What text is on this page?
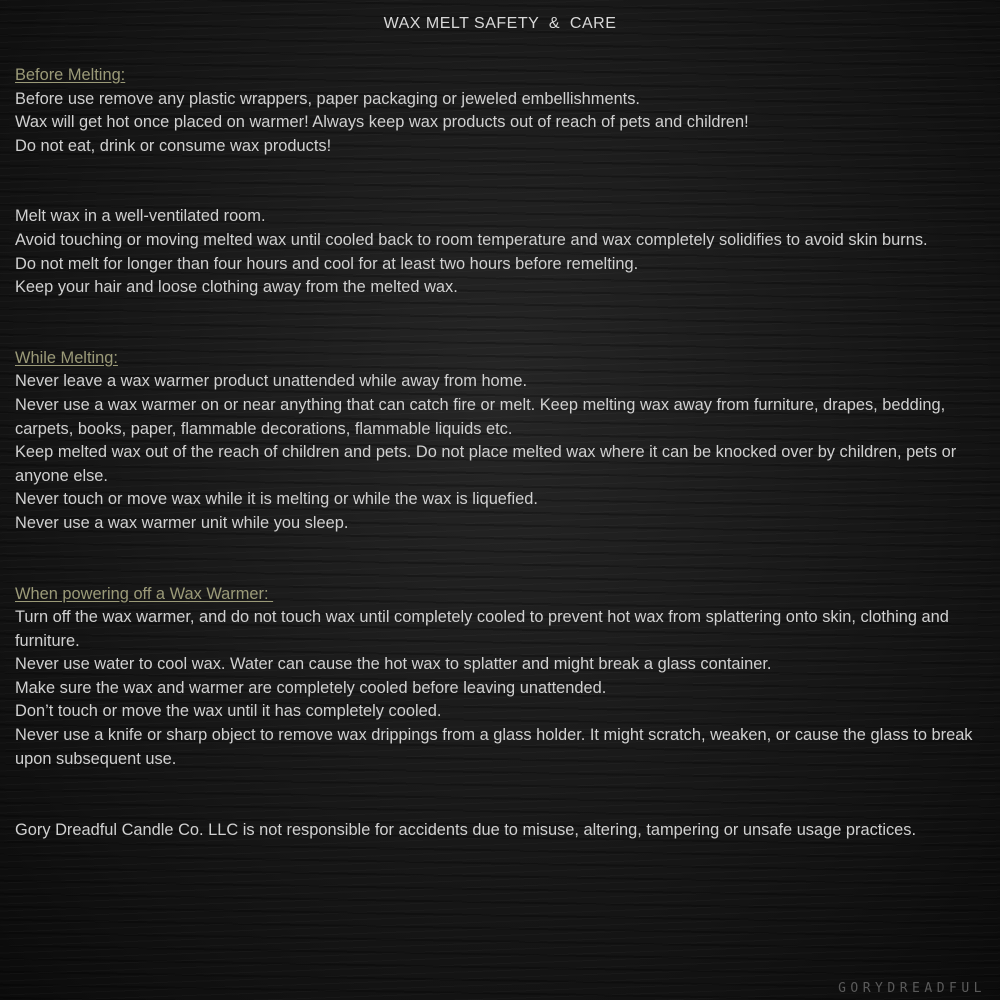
WAX MELT SAFETY  &  CARE
Before Melting:
Before use remove any plastic wrappers, paper packaging or jeweled embellishments.
Wax will get hot once placed on warmer! Always keep wax products out of reach of pets and children!
Do not eat, drink or consume wax products!
Melt wax in a well-ventilated room.
Avoid touching or moving melted wax until cooled back to room temperature and wax completely solidifies to avoid skin burns.
Do not melt for longer than four hours and cool for at least two hours before remelting.
Keep your hair and loose clothing away from the melted wax.
While Melting:
Never leave a wax warmer product unattended while away from home.
Never use a wax warmer on or near anything that can catch fire or melt. Keep melting wax away from furniture, drapes, bedding, carpets, books, paper, flammable decorations, flammable liquids etc.
Keep melted wax out of the reach of children and pets. Do not place melted wax where it can be knocked over by children, pets or anyone else.
Never touch or move wax while it is melting or while the wax is liquefied.
Never use a wax warmer unit while you sleep.
When powering off a Wax Warmer:
Turn off the wax warmer, and do not touch wax until completely cooled to prevent hot wax from splattering onto skin, clothing and furniture.
Never use water to cool wax. Water can cause the hot wax to splatter and might break a glass container.
Make sure the wax and warmer are completely cooled before leaving unattended.
Don’t touch or move the wax until it has completely cooled.
Never use a knife or sharp object to remove wax drippings from a glass holder. It might scratch, weaken, or cause the glass to break upon subsequent use.
Gory Dreadful Candle Co. LLC is not responsible for accidents due to misuse, altering, tampering or unsafe usage practices.
GORYDREADFUL
